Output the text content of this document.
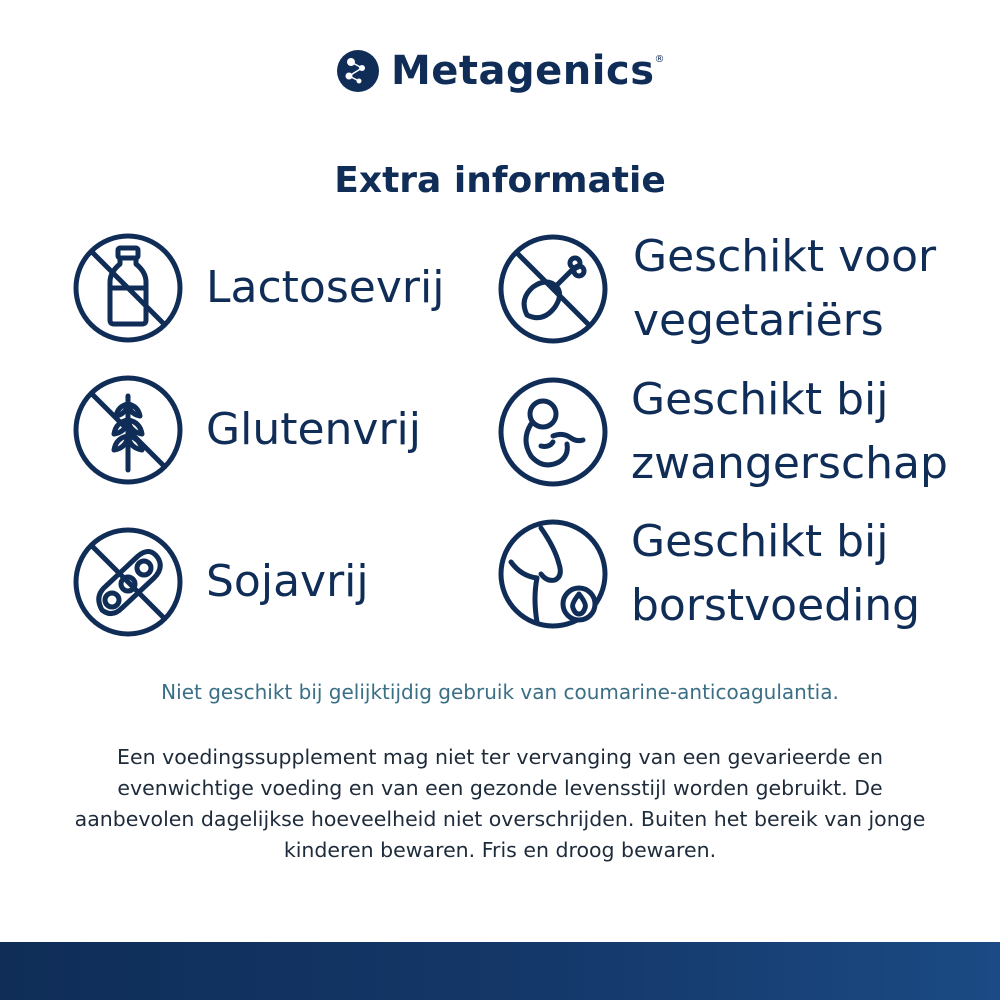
Metagenics®
Extra informatie
Lactosevrij
Glutenvrij
Sojavrij
Geschikt voor
vegetariërs
Geschikt bij
zwangerschap
Geschikt bij
borstvoeding

Niet geschikt bij gelijktijdig gebruik van coumarine-anticoagulantia.

Een voedingssupplement mag niet ter vervanging van een gevarieerde en evenwichtige voeding en van een gezonde levensstijl worden gebruikt. De aanbevolen dagelijkse hoeveelheid niet overschrijden. Buiten het bereik van jonge kinderen bewaren. Fris en droog bewaren.
